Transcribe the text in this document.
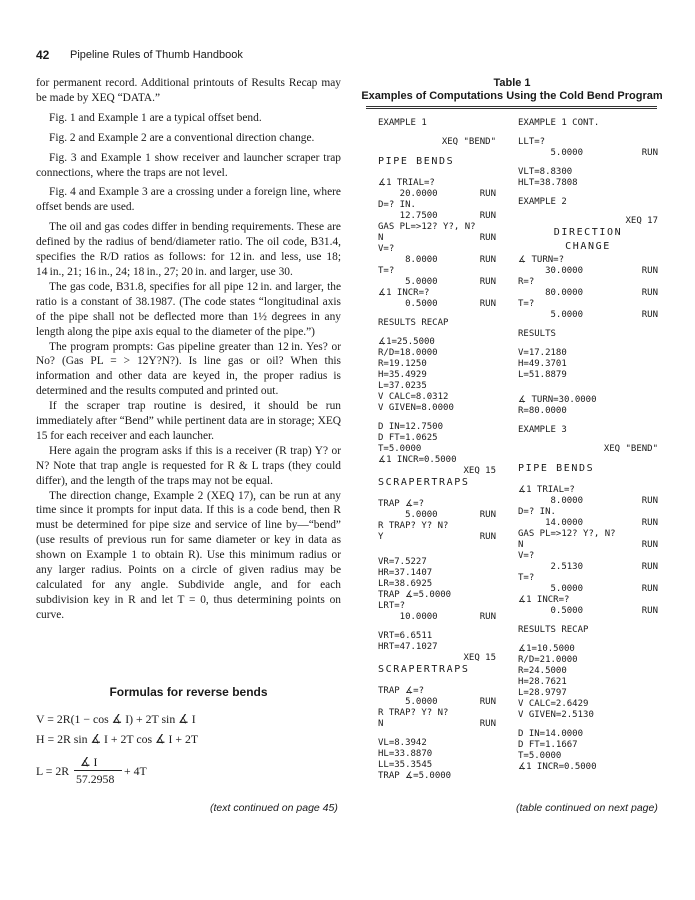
42 Pipeline Rules of Thumb Handbook

for permanent record. Additional printouts of Results Recap may be made by XEQ “DATA.”

Fig. 1 and Example 1 are a typical offset bend.

Fig. 2 and Example 2 are a conventional direction change.

Fig. 3 and Example 1 show receiver and launcher scraper trap connections, where the traps are not level.

Fig. 4 and Example 3 are a crossing under a foreign line, where offset bends are used.

The oil and gas codes differ in bending requirements. These are defined by the radius of bend/diameter ratio. The oil code, B31.4, specifies the R/D ratios as follows: for 12 in. and less, use 18; 14 in., 21; 16 in., 24; 18 in., 27; 20 in. and larger, use 30.

The gas code, B31.8, specifies for all pipe 12 in. and larger, the ratio is a constant of 38.1987. (The code states “longitudinal axis of the pipe shall not be deflected more than 1½ degrees in any length along the pipe axis equal to the diameter of the pipe.”)

The program prompts: Gas pipeline greater than 12 in. Yes? or No? (Gas PL = > 12Y?N?). Is line gas or oil? When this information and other data are keyed in, the proper radius is determined and the results computed and printed out.

If the scraper trap routine is desired, it should be run immediately after “Bend” while pertinent data are in storage; XEQ 15 for each receiver and each launcher.

Here again the program asks if this is a receiver (R trap) Y? or N? Note that trap angle is requested for R & L traps (they could differ), and the length of the traps may not be equal.

The direction change, Example 2 (XEQ 17), can be run at any time since it prompts for input data. If this is a code bend, then R must be determined for pipe size and service of line by—“bend” (use results of previous run for same diameter or key in data as shown on Example 1 to obtain R). Use this minimum radius or any larger radius. Points on a circle of given radius may be calculated for any angle. Subdivide angle, and for each subdivision key in R and let T = 0, thus determining points on curve.

Formulas for reverse bends
V = 2R(1 − cos ∡ I) + 2T sin ∡ I
H = 2R sin ∡ I + 2T cos ∡ I + 2T
∡ I
L = 2R	+ 4T
57.2958
(text continued on page 45)	(table continued on next page)
Table 1
Examples of Computations Using the Cold Bend Program
EXAMPLE 1
XEQ "BEND"
PIPE BENDS
∡1 TRIAL=?
20.0000	RUN
D=? IN.
12.7500	RUN
GAS PL=>12? Y?, N?
N	RUN
V=?
8.0000	RUN
T=?
5.0000	RUN
∡1 INCR=?
0.5000	RUN
RESULTS RECAP
∡1=25.5000
R/D=18.0000
R=19.1250
H=35.4929
L=37.0235
V CALC=8.0312
V GIVEN=8.0000
D IN=12.7500
D FT=1.0625
T=5.0000
∡1 INCR=0.5000
XEQ 15
SCRAPERTRAPS
TRAP ∡=?
5.0000	RUN
R TRAP? Y? N?
Y	RUN
VR=7.5227
HR=37.1407
LR=38.6925
TRAP ∡=5.0000
LRT=?
10.0000	RUN
VRT=6.6511
HRT=47.1027
XEQ 15
SCRAPERTRAPS
TRAP ∡=?
5.0000	RUN
R TRAP? Y? N?
N	RUN
VL=8.3942
HL=33.8870
LL=35.3545
TRAP ∡=5.0000
EXAMPLE 1 CONT.
LLT=?
5.0000	RUN
VLT=8.8300
HLT=38.7808
EXAMPLE 2
XEQ 17
DIRECTION
CHANGE
∡ TURN=?
30.0000	RUN
R=?
80.0000	RUN
T=?
5.0000	RUN
RESULTS
V=17.2180
H=49.3701
L=51.8879
∡ TURN=30.0000
R=80.0000
EXAMPLE 3
XEQ "BEND"
PIPE BENDS
∡1 TRIAL=?
8.0000	RUN
D=? IN.
14.0000	RUN
GAS PL=>12? Y?, N?
N	RUN
V=?
2.5130	RUN
T=?
5.0000	RUN
∡1 INCR=?
0.5000	RUN
RESULTS RECAP
∡1=10.5000
R/D=21.0000
R=24.5000
H=28.7621
L=28.9797
V CALC=2.6429
V GIVEN=2.5130
D IN=14.0000
D FT=1.1667
T=5.0000
∡1 INCR=0.5000
